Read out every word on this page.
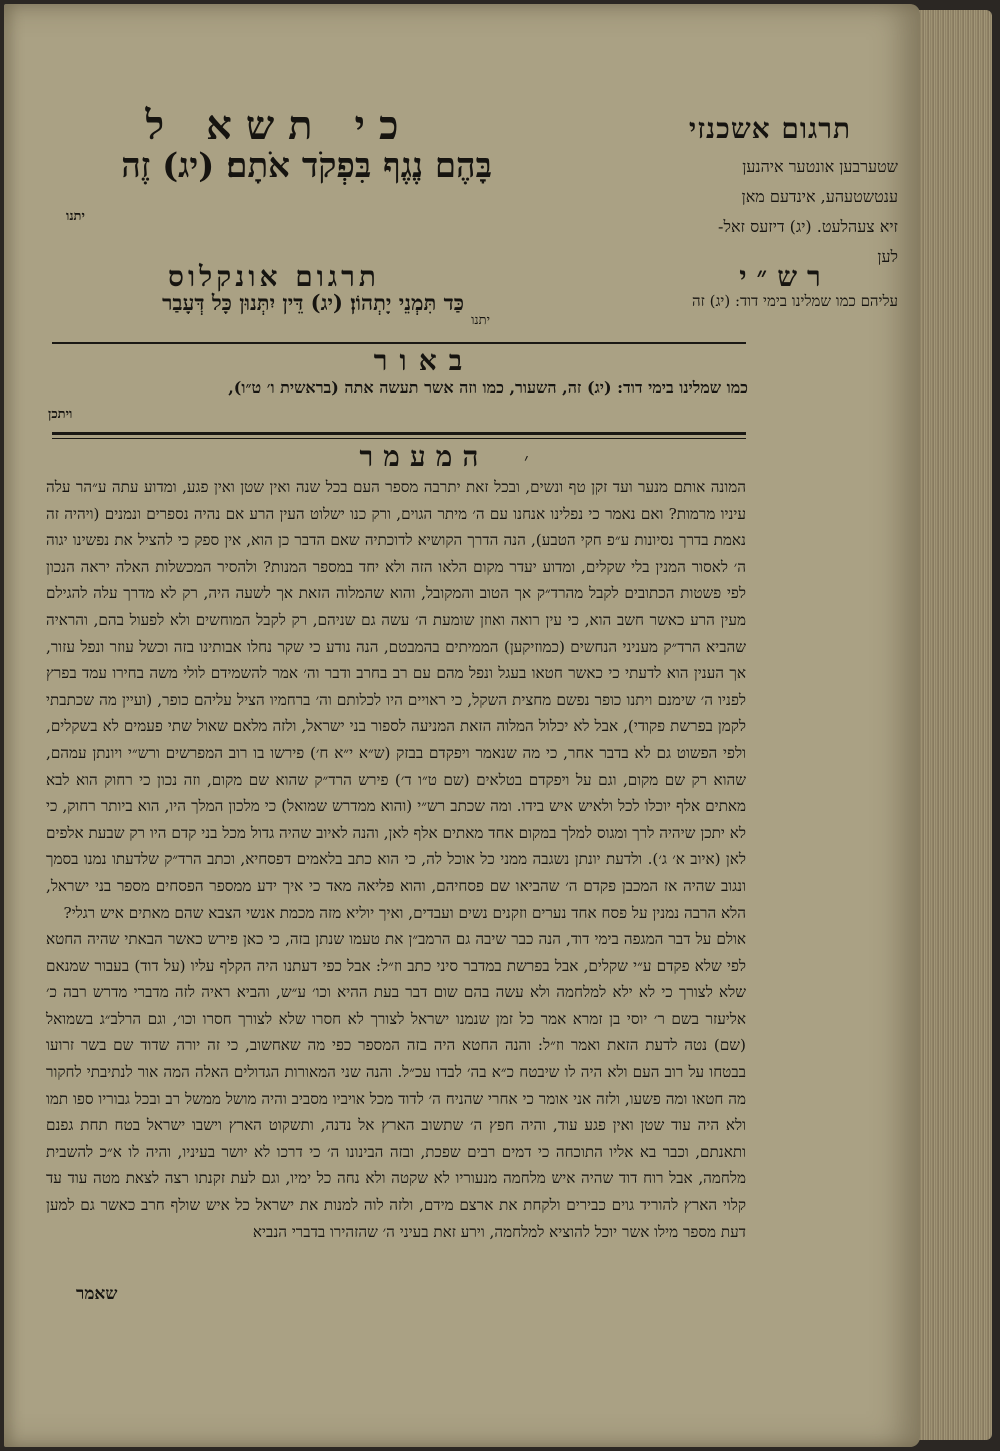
תרגום אשכנזי
שטערבען אונטער איהנען
ענטשטעהע, אינדעם מאן
זיא צעהלעט. (יג) דיזעס זאל-
לען
כי תשא ל
בָּהֶם נֶגֶף בִּפְקֹד אֹתָם׃ (יג) זֶה
יתנו
רש״י
עליהם כמו שמלינו בימי דוד: (יג) זה
יתנו
תרגום אונקלוס
כַּד תִּמְנֵי יָתְהוֹן׃ (יג) דֵּין יִתְּנוּן כָּל דְּעָבַר
באור
כמו שמלינו בימי דוד: (יג) זה, השעור, כמו וזה אשר תעשה אתה (בראשית ו׳ ט״ו),
ויתכן
המעמר	׳

המונה אותם מנער ועד זקן טף ונשים, ובכל זאת יתרבה מספר העם בכל שנה ואין שטן ואין פגע, ומדוע עתה ע״הר עלה עיניו מרמות? ואם נאמר כי נפלינו אנחנו עם ה׳ מיתר הגוים, ורק כנו ישלוט העין הרע אם נהיה נספרים ונמנים (ויהיה זה נאמת בדרך נסיונות ע״פ חקי הטבע), הנה הדרך הקושיא לדוכתיה שאם הדבר כן הוא, אין ספק כי להציל את נפשינו יגוה ה׳ לאסור המנין בלי שקלים, ומדוע יעדר מקום הלאו הזה ולא יחד במספר המנות? ולהסיר המכשלות האלה יראה הנכון לפי פשטות הכתובים לקבל מהרד״ק אך הטוב והמקובל, והוא שהמלוה הזאת אך לשעה היה, רק לא מדרך עלה להגילם מעין הרע כאשר חשב הוא, כי עין רואה ואוזן שומעת ה׳ עשה גם שניהם, רק לקבל המוחשים ולא לפעול בהם, והראיה שהביא הרד״ק מעניני הנחשים (כמוזיקען) הממיתים בהמבטם, הנה נודע כי שקר נחלו אבותינו בזה וכשל עוזר ונפל עזור, אך הענין הוא לדעתי כי כאשר חטאו בעגל ונפל מהם עם רב בחרב ודבר וה׳ אמר להשמידם לולי משה בחירו עמד בפרץ לפניו ה׳ שימנם ויתנו כופר נפשם מחצית השקל, כי ראויים היו לכלותם וה׳ ברחמיו הציל עליהם כופר, (ועיין מה שכתבתי לקמן בפרשת פקודי), אבל לא יכלול המלוה הזאת המניעה לספור בני ישראל, ולזה מלאם שאול שתי פעמים לא בשקלים, ולפי הפשוט גם לא בדבר אחר, כי מה שנאמר ויפקדם בבזק (ש״א י״א ח׳) פירשו בו רוב המפרשים ורש״י ויונתן עמהם, שהוא רק שם מקום, וגם על ויפקדם בטלאים (שם ט״ו ד׳) פירש הרד״ק שהוא שם מקום, וזה נכון כי רחוק הוא לבא מאתים אלף יוכלו לכל ולאיש איש בידו. ומה שכתב רש״י (והוא ממדרש שמואל) כי מלכון המלך היו, הוא ביותר רחוק, כי לא יתכן שיהיה לרך ומגוס למלך במקום אחד מאתים אלף לאן, והנה לאיוב שהיה גדול מכל בני קדם היו רק שבעת אלפים לאן (איוב א׳ ג׳). ולדעת יונתן נשגבה ממני כל אוכל לה, כי הוא כתב בלאמים דפסחיא, וכתב הרד״ק שלדעתו נמנו בסמך ונגוב שהיה אז המכבן פקדם ה׳ שהביאו שם פסחיהם, והוא פליאה מאד כי איך ידע ממספר הפסחים מספר בני ישראל, הלא הרבה נמנין על פסח אחד נערים וזקנים נשים ועבדים, ואיך יוליא מזה מכמת אנשי הצבא שהם מאתים איש רגלי?

אולם על דבר המגפה בימי דוד, הנה כבר שיבה גם הרמב״ן את טעמו שנתן בזה, כי כאן פירש כאשר הבאתי שהיה החטא לפי שלא פקדם ע״י שקלים, אבל בפרשת במדבר סיני כתב וז״ל: אבל כפי דעתנו היה הקלף עליו (על דוד) בעבור שמנאם שלא לצורך כי לא ילא למלחמה ולא עשה בהם שום דבר בעת ההיא וכו׳ ע״ש, והביא ראיה לזה מדברי מדרש רבה כ׳ אליעזר בשם ר׳ יוסי בן זמרא אמר כל זמן שנמנו ישראל לצורך לא חסרו שלא לצורך חסרו וכו׳, וגם הרלב״ג בשמואל (שם) נטה לדעת הזאת ואמר וז״ל: והנה החטא היה בזה המספר כפי מה שאחשוב, כי זה יורה שדוד שם בשר זרועו בבטחו על רוב העם ולא היה לו שיבטח כ״א בה׳ לבדו עכ״ל. והנה שני המאורות הגדולים האלה המה אור לנתיבתי לחקור מה חטאו ומה פשעו, ולזה אני אומר כי אחרי שהניח ה׳ לדוד מכל אויביו מסביב והיה מושל ממשל רב ובכל גבוריו ספו תמו ולא היה עוד שטן ואין פגע עוד, והיה חפץ ה׳ שתשוב הארץ אל נדנה, ותשקוט הארץ וישבו ישראל בטח תחת גפנם ותאנתם, וכבר בא אליו התוכחה כי דמים רבים שפכת, ובזה הבינונו ה׳ כי דרכו לא יושר בעיניו, והיה לו א״כ להשבית מלחמה, אבל רוח דוד שהיה איש מלחמה מנעוריו לא שקטה ולא נחה כל ימיו, וגם לעת זקנתו רצה לצאת מטה עוד עד קלוי הארץ להוריד גוים כבירים ולקחת את ארצם מידם, ולזה לוה למנות את ישראל כל איש שולף חרב כאשר גם למען דעת מספר מילו אשר יוכל להוציא למלחמה, וירע זאת בעיני ה׳ שהזהירו בדברי הנביא

שאמר
